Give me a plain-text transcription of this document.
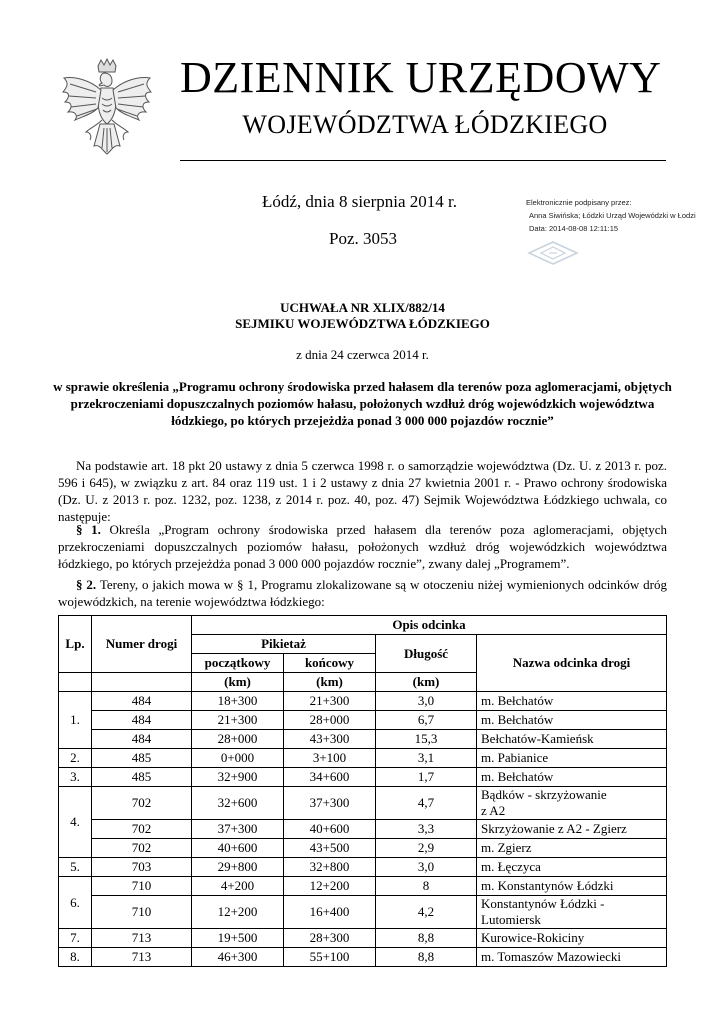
DZIENNIK URZĘDOWY
WOJEWÓDZTWA ŁÓDZKIEGO
Łódź, dnia 8 sierpnia 2014 r.
Poz. 3053
Elektronicznie podpisany przez:
Anna Siwińska; Łódzki Urząd Wojewódzki w Łodzi
Data: 2014-08-08 12:11:15
UCHWAŁA NR XLIX/882/14
SEJMIKU WOJEWÓDZTWA ŁÓDZKIEGO
z dnia 24 czerwca 2014 r.
w sprawie określenia „Programu ochrony środowiska przed hałasem dla terenów poza aglomeracjami, objętych przekroczeniami dopuszczalnych poziomów hałasu, położonych wzdłuż dróg wojewódzkich województwa łódzkiego, po których przejeżdża ponad 3 000 000 pojazdów rocznie”
Na podstawie art. 18 pkt 20 ustawy z dnia 5 czerwca 1998 r. o samorządzie województwa (Dz. U. z 2013 r. poz. 596 i 645), w związku z art. 84 oraz 119 ust. 1 i 2 ustawy z dnia 27 kwietnia 2001 r. - Prawo ochrony środowiska (Dz. U. z 2013 r. poz. 1232, poz. 1238, z 2014 r. poz. 40, poz. 47) Sejmik Województwa Łódzkiego uchwala, co następuje:
§ 1. Określa „Program ochrony środowiska przed hałasem dla terenów poza aglomeracjami, objętych przekroczeniami dopuszczalnych poziomów hałasu, położonych wzdłuż dróg wojewódzkich województwa łódzkiego, po których przejeżdża ponad 3 000 000 pojazdów rocznie”, zwany dalej „Programem”.
§ 2. Tereny, o jakich mowa w § 1, Programu zlokalizowane są w otoczeniu niżej wymienionych odcinków dróg wojewódzkich, na terenie województwa łódzkiego:
Lp.	Numer drogi	Opis odcinka			
		Pikietaż		Długość	Nazwa odcinka drogi
		początkowy	końcowy		
		(km)	(km)	(km)	
1.	484	18+300	21+300	3,0	m. Bełchatów
	484	21+300	28+000	6,7	m. Bełchatów
	484	28+000	43+300	15,3	Bełchatów-Kamieńsk
2.	485	0+000	3+100	3,1	m. Pabianice
3.	485	32+900	34+600	1,7	m. Bełchatów
4.	702	32+600	37+300	4,7	Bądków - skrzyżowanie
z A2

	702	37+300	40+600	3,3	Skrzyżowanie z A2 - Zgierz
	702	40+600	43+500	2,9	m. Zgierz
5.	703	29+800	32+800	3,0	m. Łęczyca
6.	710	4+200	12+200	8	m. Konstantynów Łódzki
	710	12+200	16+400	4,2	Konstantynów Łódzki - Lutomiersk
7.	713	19+500	28+300	8,8	Kurowice-Rokiciny
8.	713	46+300	55+100	8,8	m. Tomaszów Mazowiecki
